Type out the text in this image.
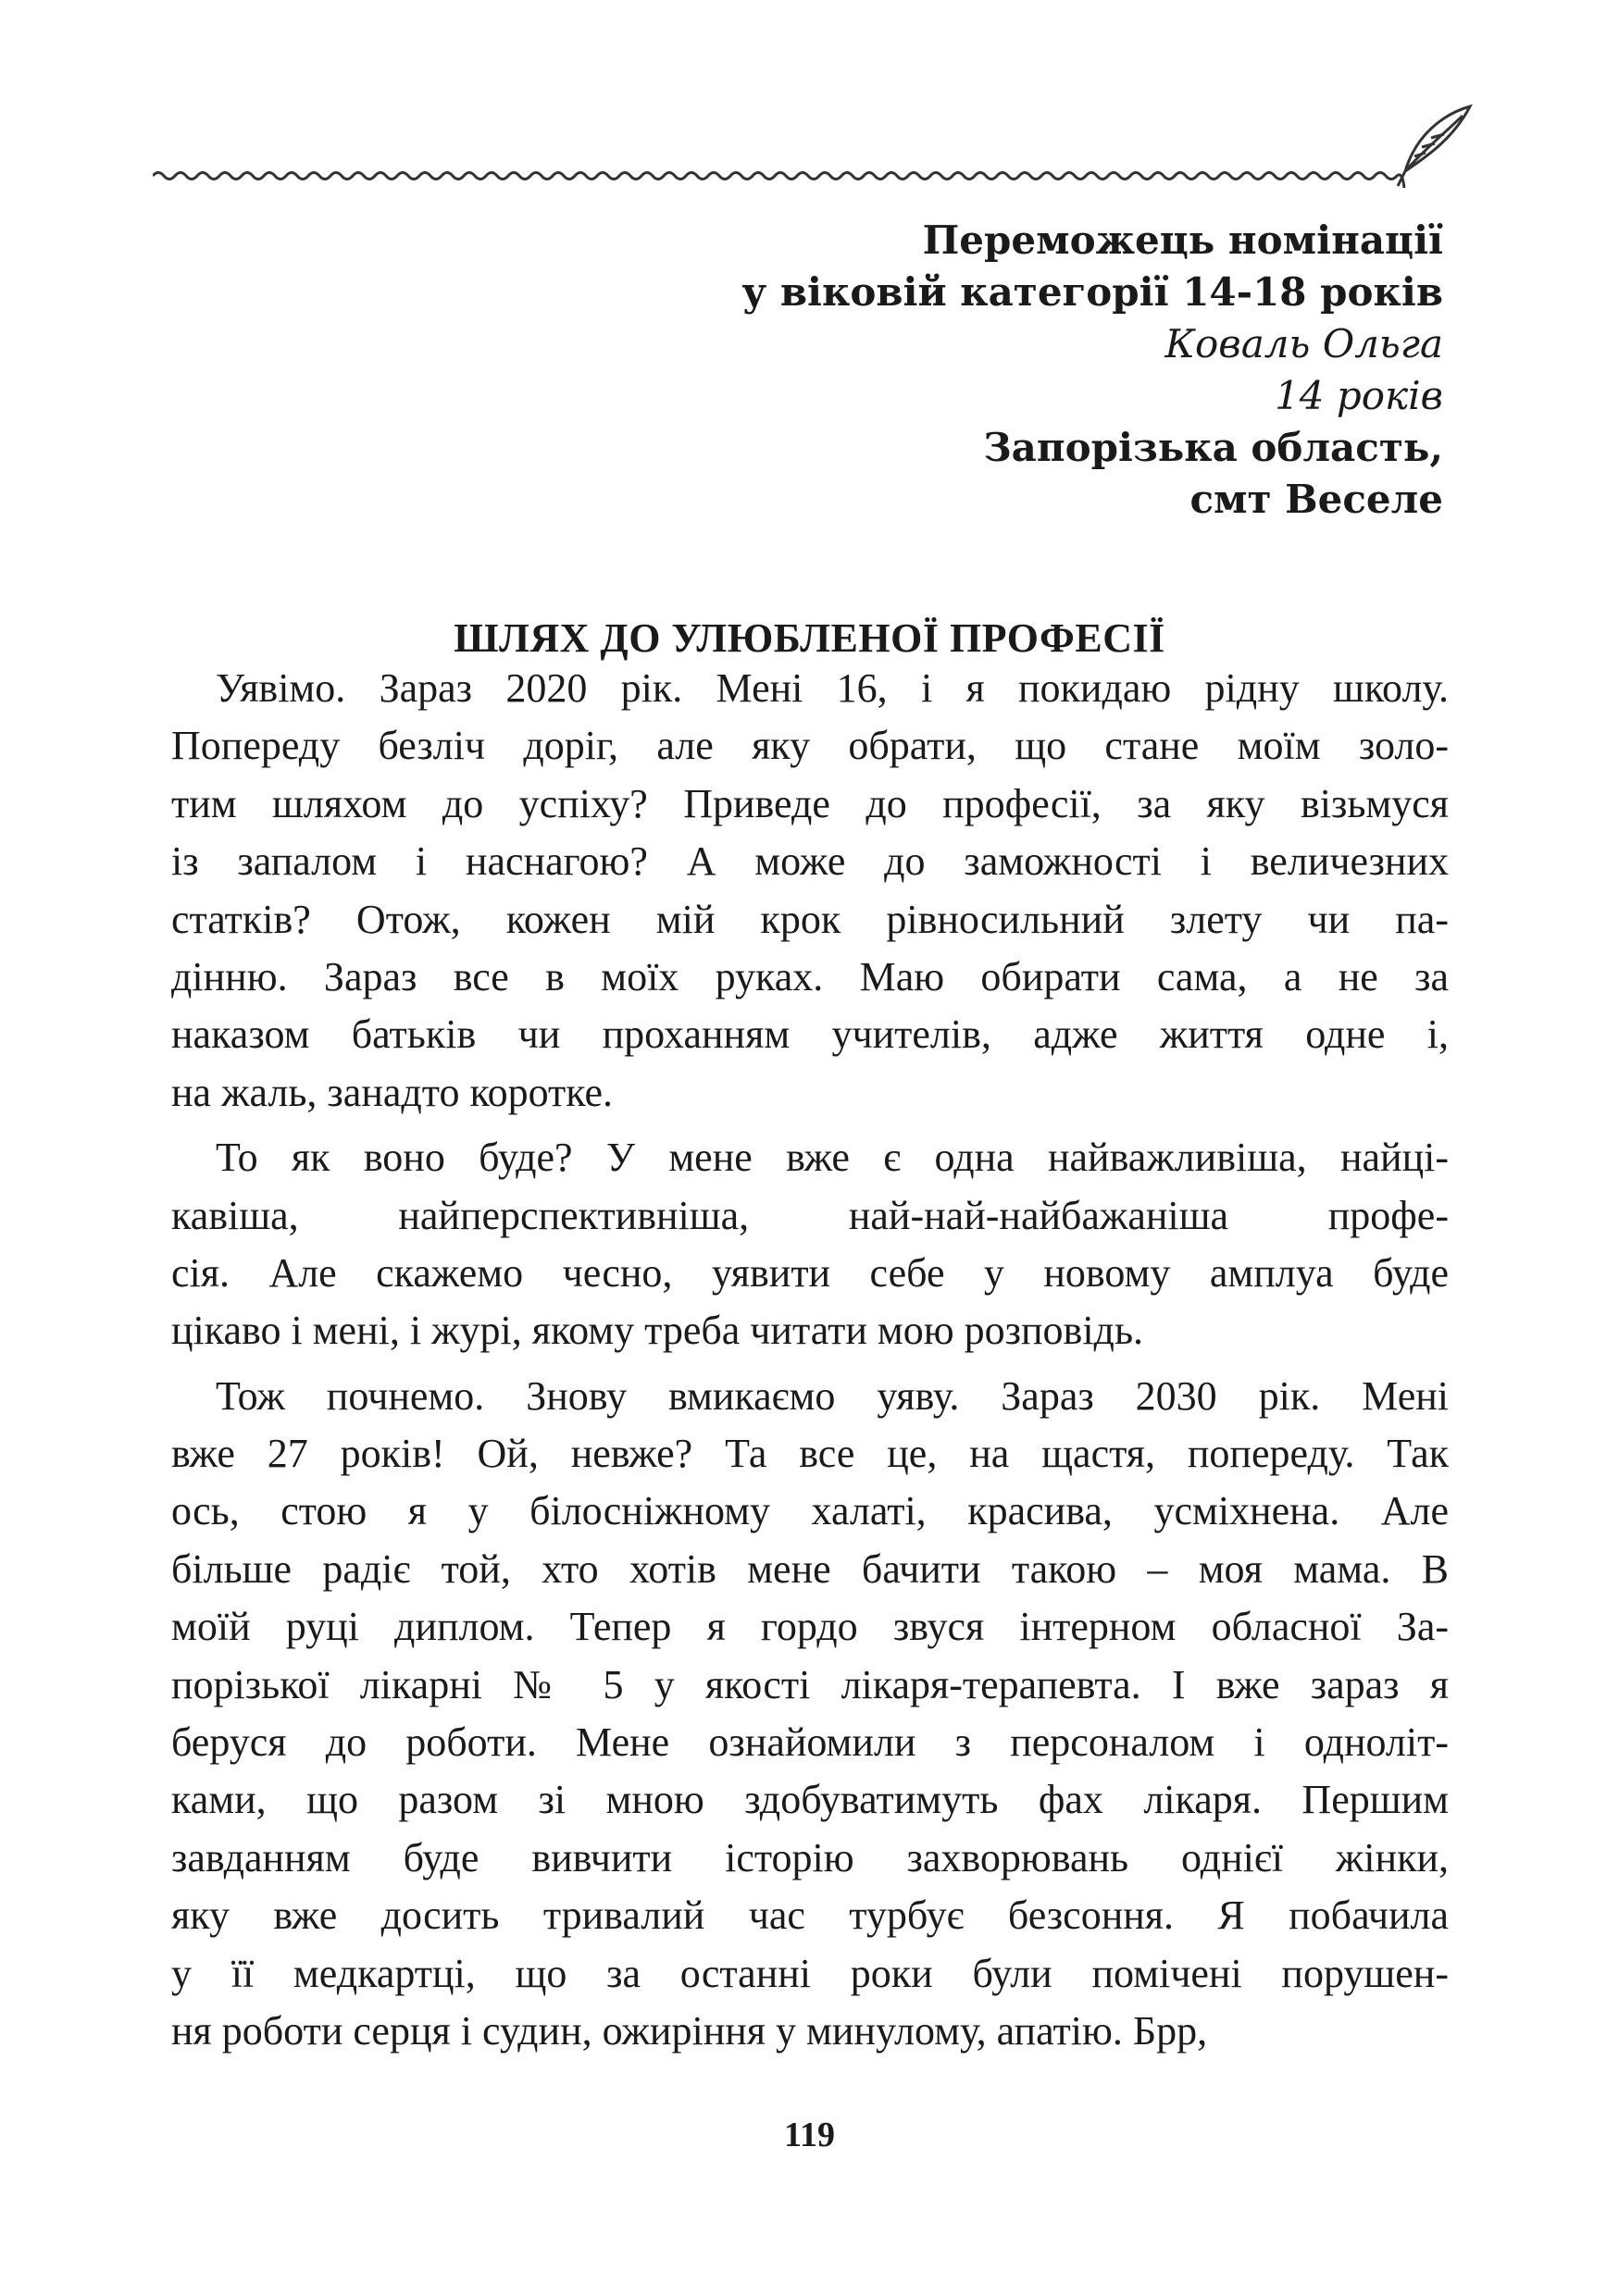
Переможець номінації
у віковій категорії 14-18 років
Коваль Ольга
14 років
Запорізька область,
смт Веселе
ШЛЯХ ДО УЛЮБЛЕНОЇ ПРОФЕСІЇ
Уявімо. Зараз 2020 рік. Мені 16, і я покидаю рідну школу.
Попереду безліч доріг, але яку обрати, що стане моїм золо-
тим шляхом до успіху? Приведе до професії, за яку візьмуся
із запалом і наснагою? А може до заможності і величезних
статків? Отож, кожен мій крок рівносильний злету чи па-
дінню. Зараз все в моїх руках. Маю обирати сама, а не за
наказом батьків чи проханням учителів, адже життя одне і,
на жаль, занадто коротке.
То як воно буде? У мене вже є одна найважливіша, найці-
кавіша, найперспективніша, най-най-найбажаніша профе-
сія. Але скажемо чесно, уявити себе у новому амплуа буде
цікаво і мені, і журі, якому треба читати мою розповідь.
Тож почнемо. Знову вмикаємо уяву. Зараз 2030 рік. Мені
вже 27 років! Ой, невже? Та все це, на щастя, попереду. Так
ось, стою я у білосніжному халаті, красива, усміхнена. Але
більше радіє той, хто хотів мене бачити такою – моя мама. В
моїй руці диплом. Тепер я гордо звуся інтерном обласної За-
порізької лікарні № 5 у якості лікаря-терапевта. І вже зараз я
беруся до роботи. Мене ознайомили з персоналом і одноліт-
ками, що разом зі мною здобуватимуть фах лікаря. Першим
завданням буде вивчити історію захворювань однієї жінки,
яку вже досить тривалий час турбує безсоння. Я побачила
у її медкартці, що за останні роки були помічені порушен-
ня роботи серця і судин, ожиріння у минулому, апатію. Брр,
119
